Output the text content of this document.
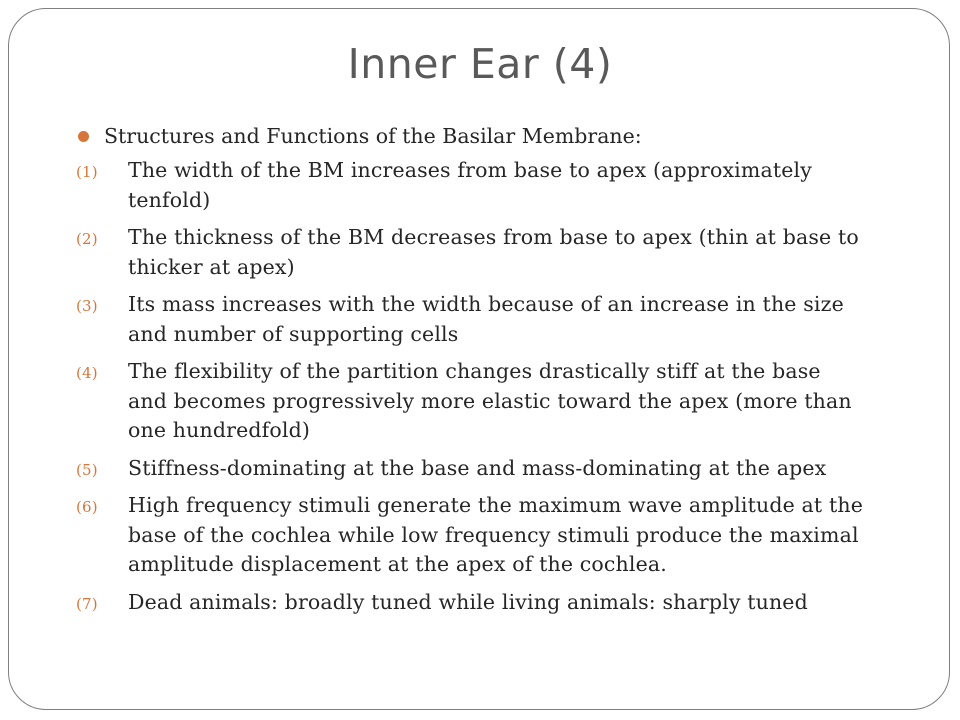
Inner Ear (4)
Structures and Functions of the Basilar Membrane:
(1) The width of the BM increases from base to apex (approximately tenfold)
(2) The thickness of the BM decreases from base to apex (thin at base to thicker at apex)
(3) Its mass increases with the width because of an increase in the size and number of supporting cells
(4) The flexibility of the partition changes drastically stiff at the base and becomes progressively more elastic toward the apex (more than one hundredfold)
(5) Stiffness-dominating at the base and mass-dominating at the apex
(6) High frequency stimuli generate the maximum wave amplitude at the base of the cochlea while low frequency stimuli produce the maximal amplitude displacement at the apex of the cochlea.
(7) Dead animals: broadly tuned while living animals: sharply tuned
